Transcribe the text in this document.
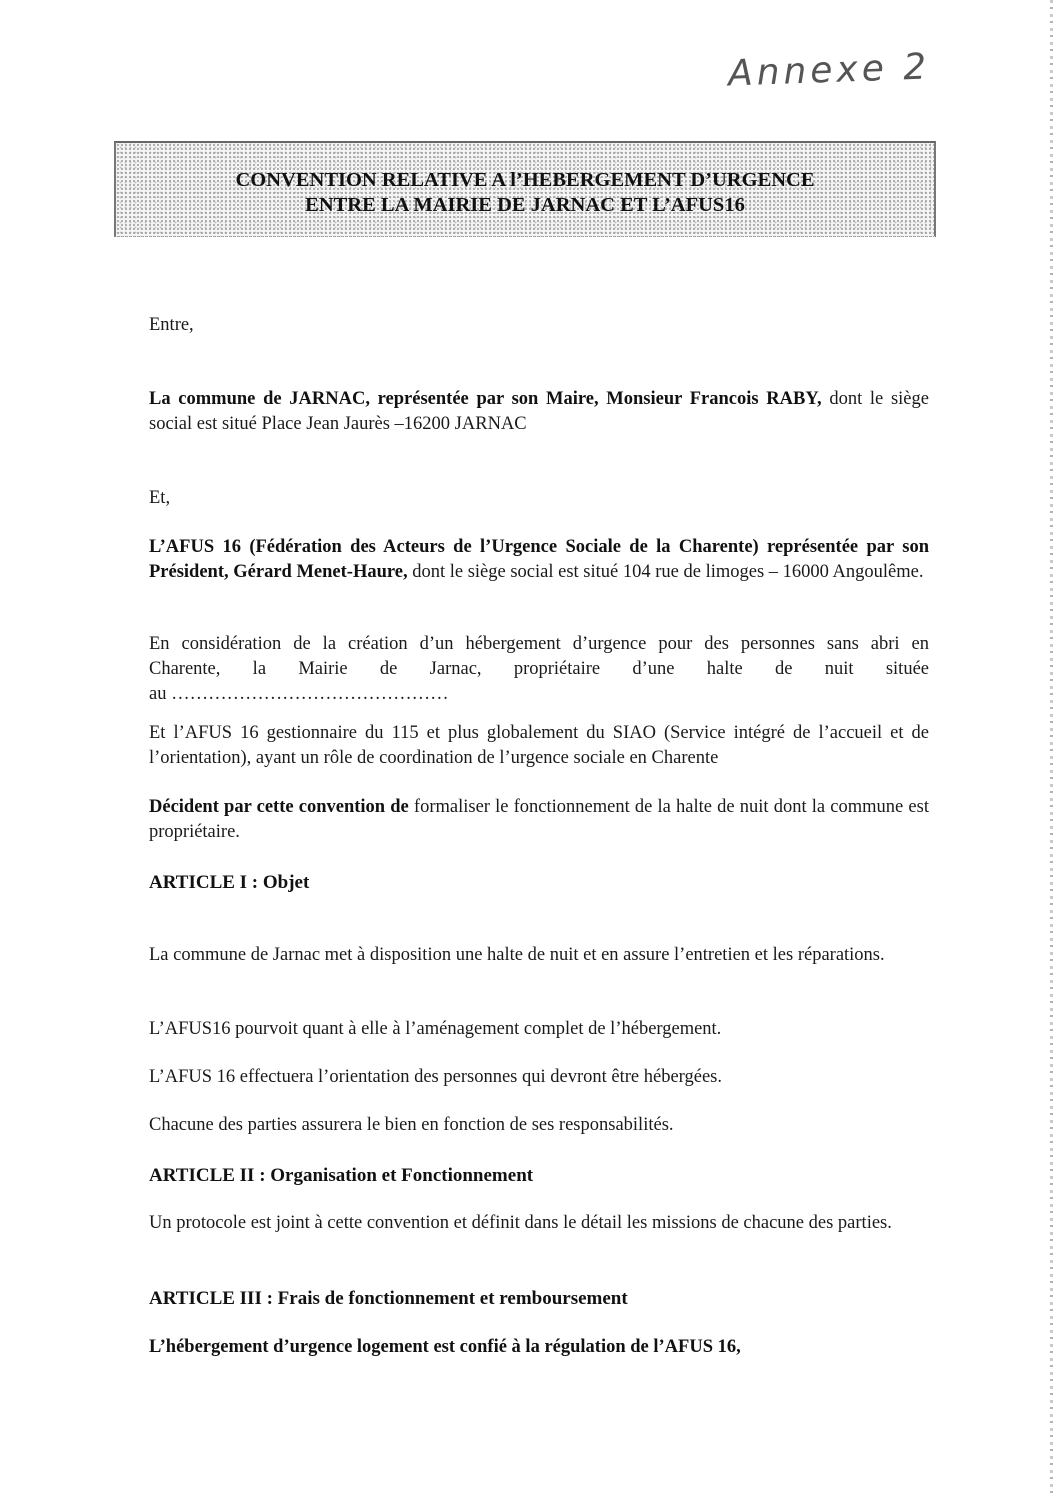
Annexe 2
CONVENTION RELATIVE A l’HEBERGEMENT D’URGENCE
ENTRE LA MAIRIE DE JARNAC ET L’AFUS16

Entre,

La commune de JARNAC, représentée par son Maire, Monsieur Francois RABY, dont le siège social est situé Place Jean Jaurès –16200 JARNAC

Et,

L’AFUS 16 (Fédération des Acteurs de l’Urgence Sociale de la Charente) représentée par son Président, Gérard Menet-Haure, dont le siège social est situé 104 rue de limoges – 16000 Angoulême.

En considération de la création d’un hébergement d’urgence pour des personnes sans abri en
Charente, la Mairie de Jarnac, propriétaire d’une halte de nuit située
au ………………………………………

Et l’AFUS 16 gestionnaire du 115 et plus globalement du SIAO (Service intégré de l’accueil et de l’orientation), ayant un rôle de coordination de l’urgence sociale en Charente

Décident par cette convention de formaliser le fonctionnement de la halte de nuit dont la commune est propriétaire.

ARTICLE I : Objet

La commune de Jarnac met à disposition une halte de nuit et en assure l’entretien et les réparations.

L’AFUS16 pourvoit quant à elle à l’aménagement complet de l’hébergement.

L’AFUS 16 effectuera l’orientation des personnes qui devront être hébergées.

Chacune des parties assurera le bien en fonction de ses responsabilités.

ARTICLE II : Organisation et Fonctionnement

Un protocole est joint à cette convention et définit dans le détail les missions de chacune des parties.

ARTICLE III : Frais de fonctionnement et remboursement

L’hébergement d’urgence logement est confié à la régulation de l’AFUS 16,
